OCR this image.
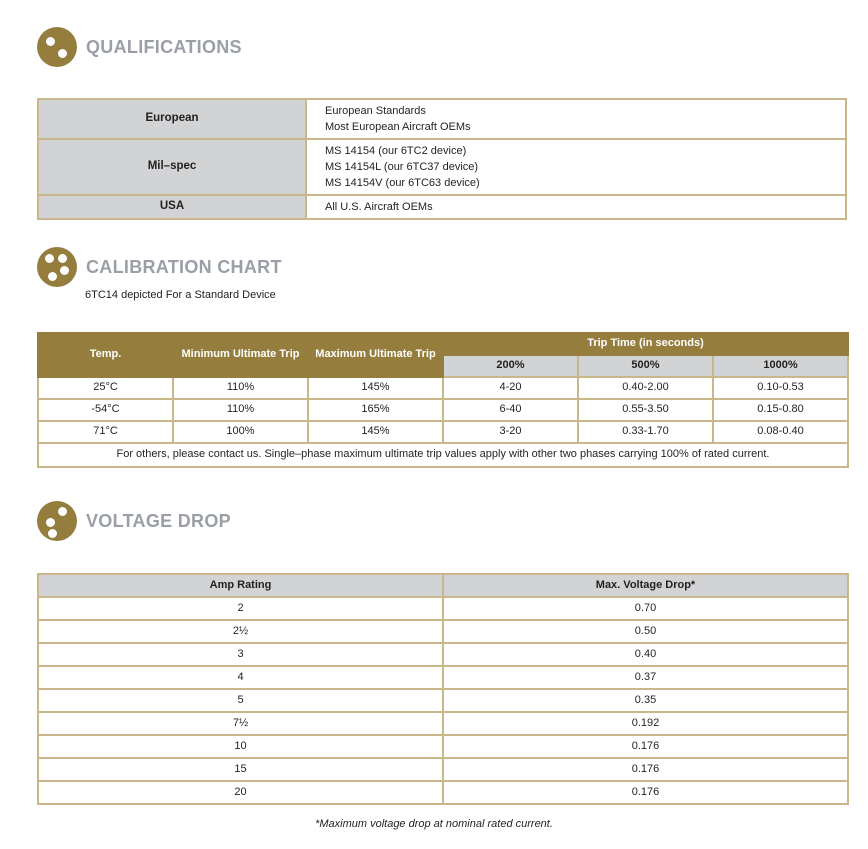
QUALIFICATIONS
European	European Standards
Most European Aircraft OEMs

Mil–spec	MS 14154 (our 6TC2 device)
MS 14154L (our 6TC37 device)
MS 14154V (our 6TC63 device)

USA	All U.S. Aircraft OEMs
CALIBRATION CHART
6TC14 depicted For a Standard Device
Temp.	Minimum Ultimate Trip	Maximum Ultimate Trip	Trip Time (in seconds)		
			200%	500%	1000%
25°C	110%	145%	4-20	0.40-2.00	0.10-0.53
-54°C	110%	165%	6-40	0.55-3.50	0.15-0.80
71°C	100%	145%	3-20	0.33-1.70	0.08-0.40
For others, please contact us. Single–phase maximum ultimate trip values apply with other two phases carrying 100% of rated current.					
VOLTAGE DROP
Amp Rating	Max. Voltage Drop*
2	0.70
2½	0.50
3	0.40
4	0.37
5	0.35
7½	0.192
10	0.176
15	0.176
20	0.176
*Maximum voltage drop at nominal rated current.
